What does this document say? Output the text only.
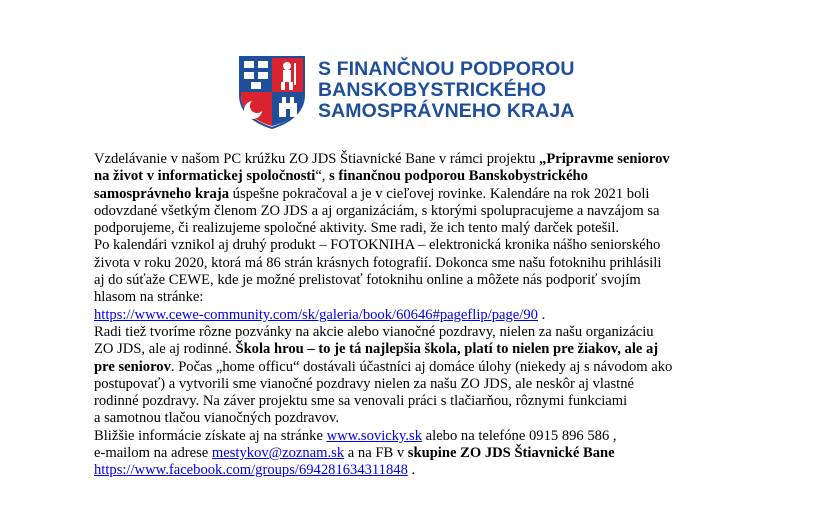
S FINANČNOU PODPOROU
BANSKOBYSTRICKÉHO
SAMOSPRÁVNEHO KRAJA

Vzdelávanie v našom PC krúžku ZO JDS Štiavnické Bane v rámci projektu „Pripravme seniorov
na život v informatickej spoločnosti“, s finančnou podporou Banskobystrického
samosprávneho kraja úspešne pokračoval a je v cieľovej rovinke. Kalendáre na rok 2021 boli
odovzdané všetkým členom ZO JDS a aj organizáciám, s ktorými spolupracujeme a navzájom sa
podporujeme, či realizujeme spoločné aktivity. Sme radi, že ich tento malý darček potešil.

Po kalendári vznikol aj druhý produkt – FOTOKNIHA – elektronická kronika nášho seniorského
života v roku 2020, ktorá má 86 strán krásnych fotografií. Dokonca sme našu fotoknihu prihlásili
aj do súťaže CEWE, kde je možné prelistovať fotoknihu online a môžete nás podporiť svojím
hlasom na stránke:
https://www.cewe-community.com/sk/galeria/book/60646#pageflip/page/90 .

Radi tiež tvoríme rôzne pozvánky na akcie alebo vianočné pozdravy, nielen za našu organizáciu
ZO JDS, ale aj rodinné. Škola hrou – to je tá najlepšia škola, platí to nielen pre žiakov, ale aj
pre seniorov. Počas „home officu“ dostávali účastníci aj domáce úlohy (niekedy aj s návodom ako
postupovať) a vytvorili sme vianočné pozdravy nielen za našu ZO JDS, ale neskôr aj vlastné
rodinné pozdravy. Na záver projektu sme sa venovali práci s tlačiarňou, rôznymi funkciami
a samotnou tlačou vianočných pozdravov.

Bližšie informácie získate aj na stránke www.sovicky.sk alebo na telefóne 0915 896 586 ,
e-mailom na adrese mestykov@zoznam.sk a na FB v skupine ZO JDS Štiavnické Bane
https://www.facebook.com/groups/694281634311848 .
